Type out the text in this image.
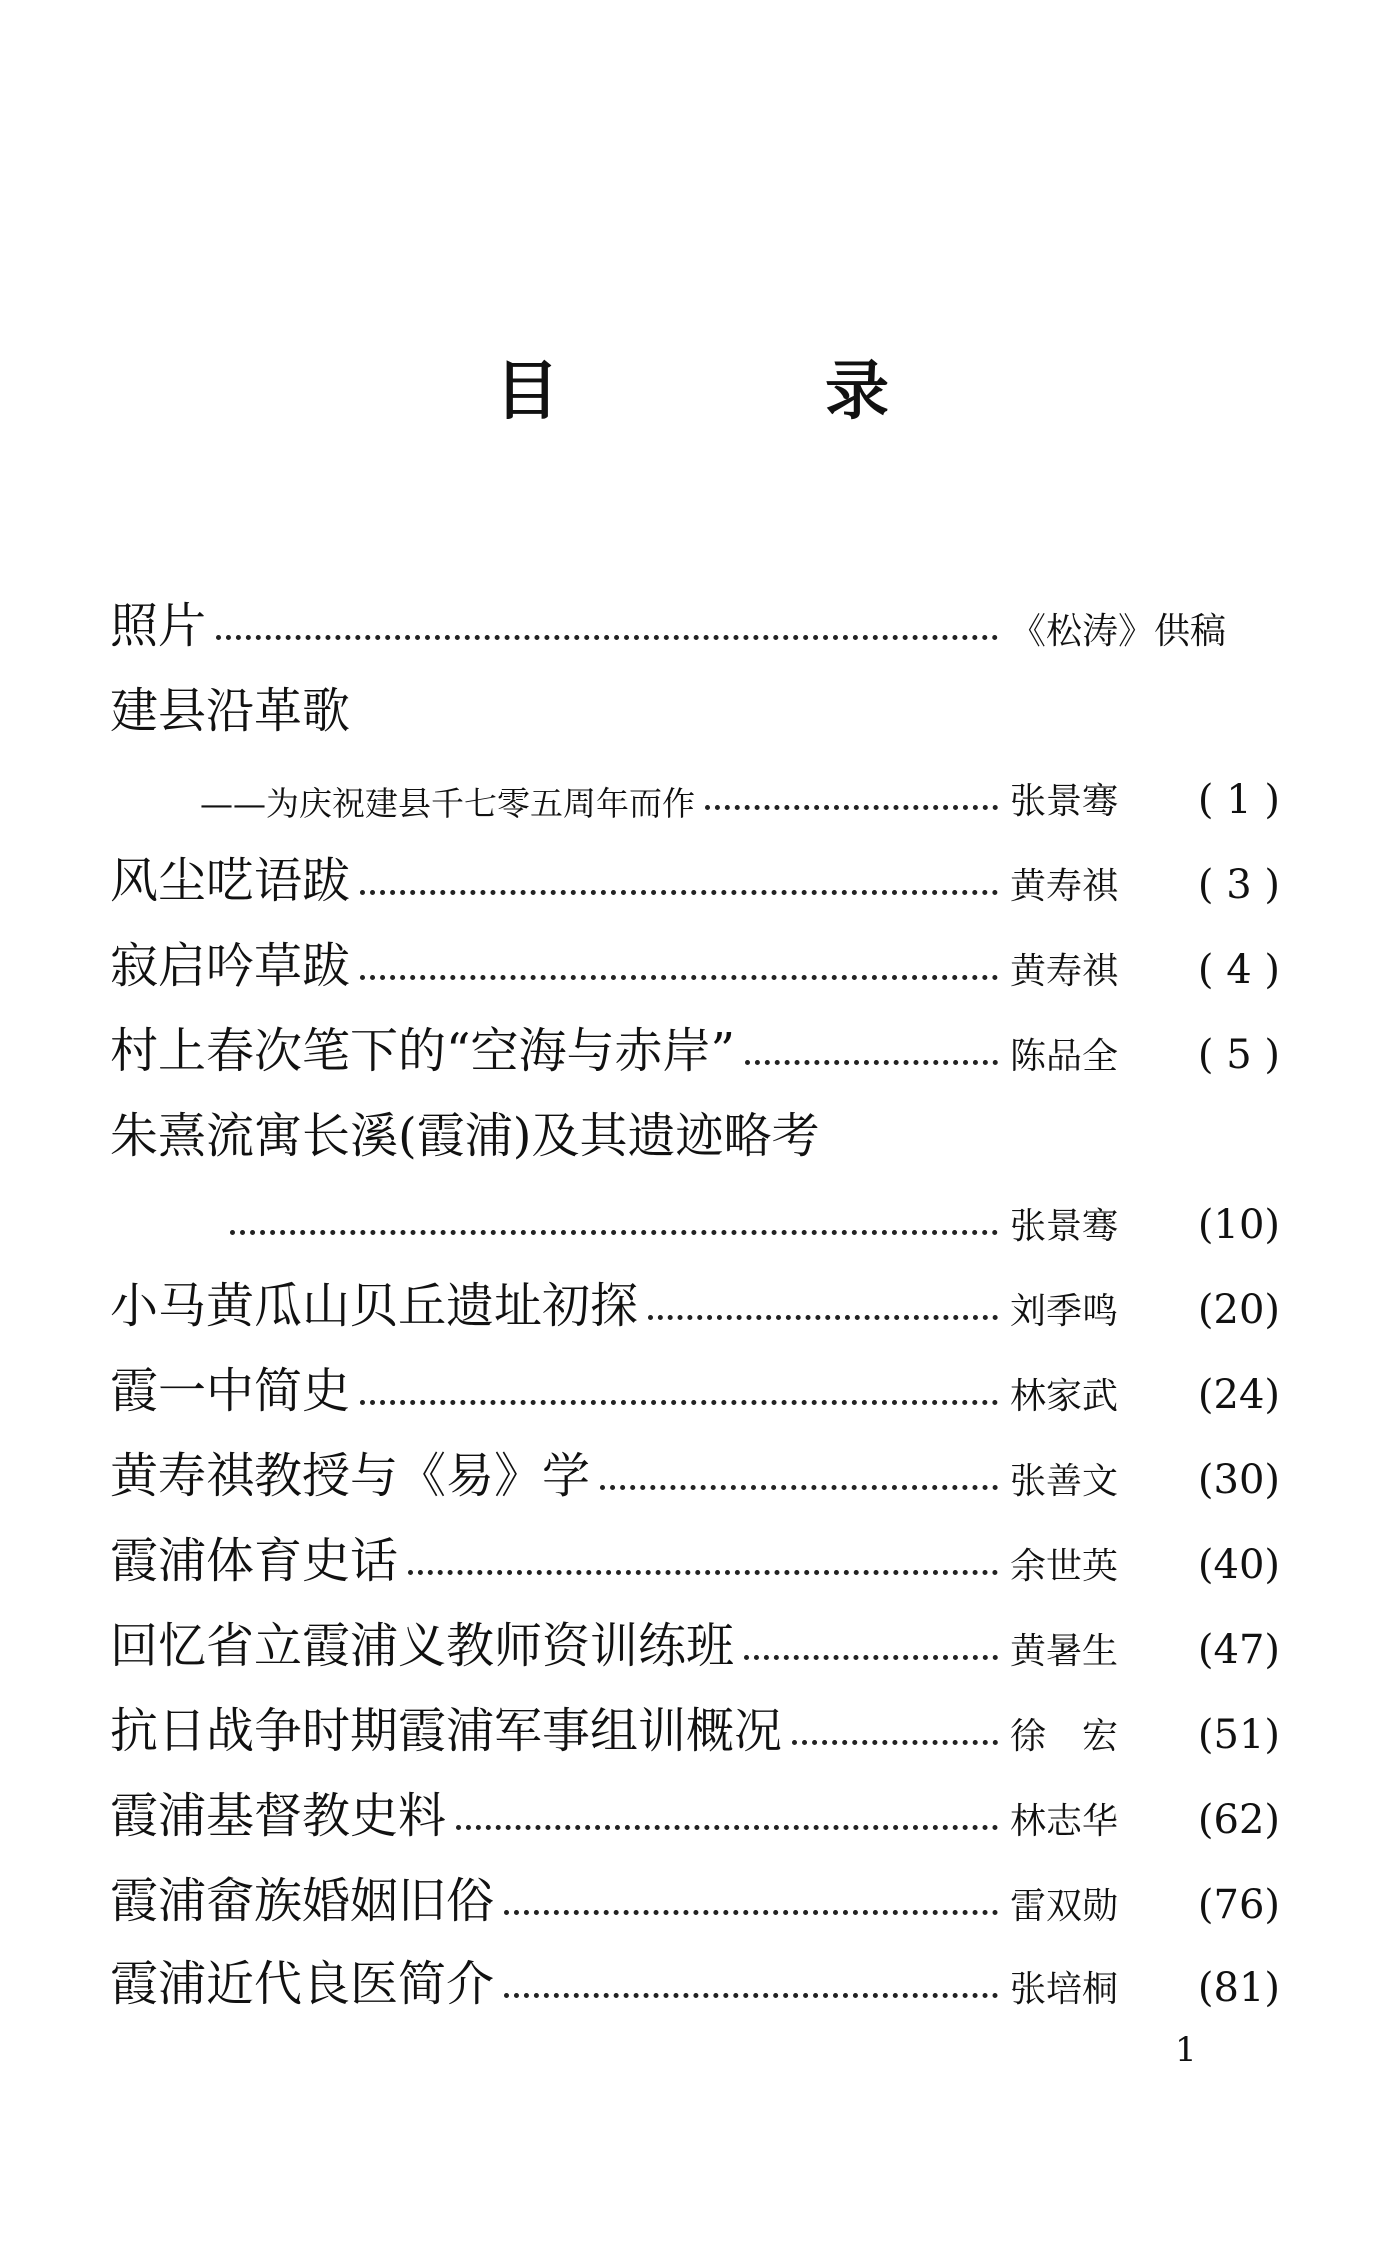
目	录
照片	《松涛》供稿
建县沿革歌
——为庆祝建县千七零五周年而作	张景骞	( 1 )
风尘呓语跋	黄寿祺	( 3 )
寂启吟草跋	黄寿祺	( 4 )
村上春次笔下的“空海与赤岸”	陈品全	( 5 )
朱熹流寓长溪(霞浦)及其遗迹略考
张景骞	(10)
小马黄瓜山贝丘遗址初探	刘季鸣	(20)
霞一中简史	林家武	(24)
黄寿祺教授与《易》学	张善文	(30)
霞浦体育史话	余世英	(40)
回忆省立霞浦义教师资训练班	黄暑生	(47)
抗日战争时期霞浦军事组训概况	徐　宏	(51)
霞浦基督教史料	林志华	(62)
霞浦畲族婚姻旧俗	雷双勋	(76)
霞浦近代良医简介	张培桐	(81)
1
